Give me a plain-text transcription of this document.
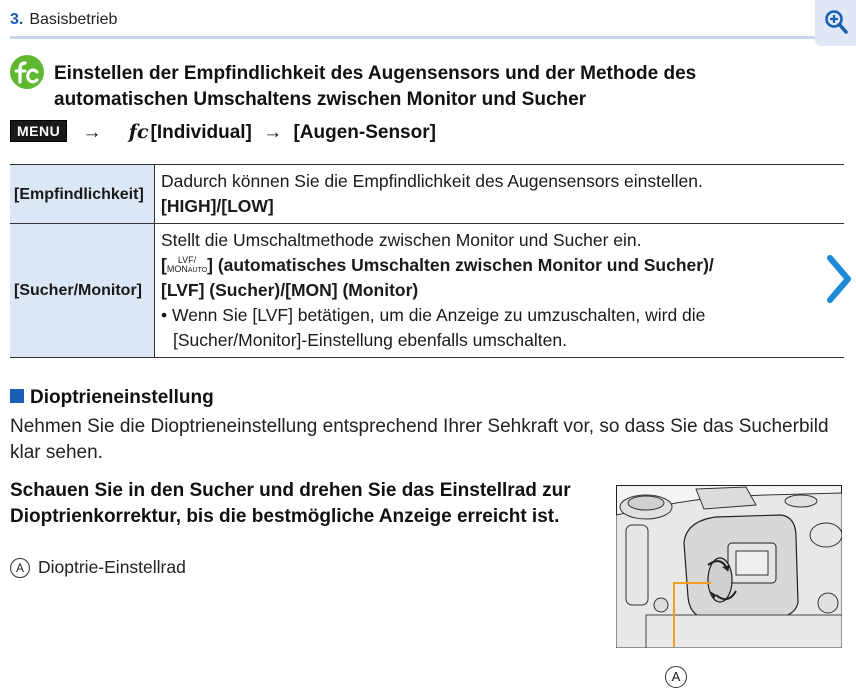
3. Basisbetrieb
Einstellen der Empfindlichkeit des Augensensors und der Methode des automatischen Umschaltens zwischen Monitor und Sucher
MENU → fc [Individual] → [Augen-Sensor]
[Empfindlichkeit]	Dadurch können Sie die Empfindlichkeit des Augensensors einstellen.
[HIGH]/[LOW]

[Sucher/Monitor]	Stellt die Umschaltmethode zwischen Monitor und Sucher ein.
[ LVF/
MONAUTO] (automatisches Umschalten zwischen Monitor und Sucher)/
[LVF] (Sucher)/[MON] (Monitor)
• Wenn Sie [LVF] betätigen, um die Anzeige zu umzuschalten, wird die [Sucher/Monitor]-Einstellung ebenfalls umschalten.
Dioptrieneinstellung
Nehmen Sie die Dioptrieneinstellung entsprechend Ihrer Sehkraft vor, so dass Sie das Sucherbild klar sehen.
Schauen Sie in den Sucher und drehen Sie das Einstellrad zur Dioptrienkorrektur, bis die bestmögliche Anzeige erreicht ist.
A Dioptrie-Einstellrad
A
